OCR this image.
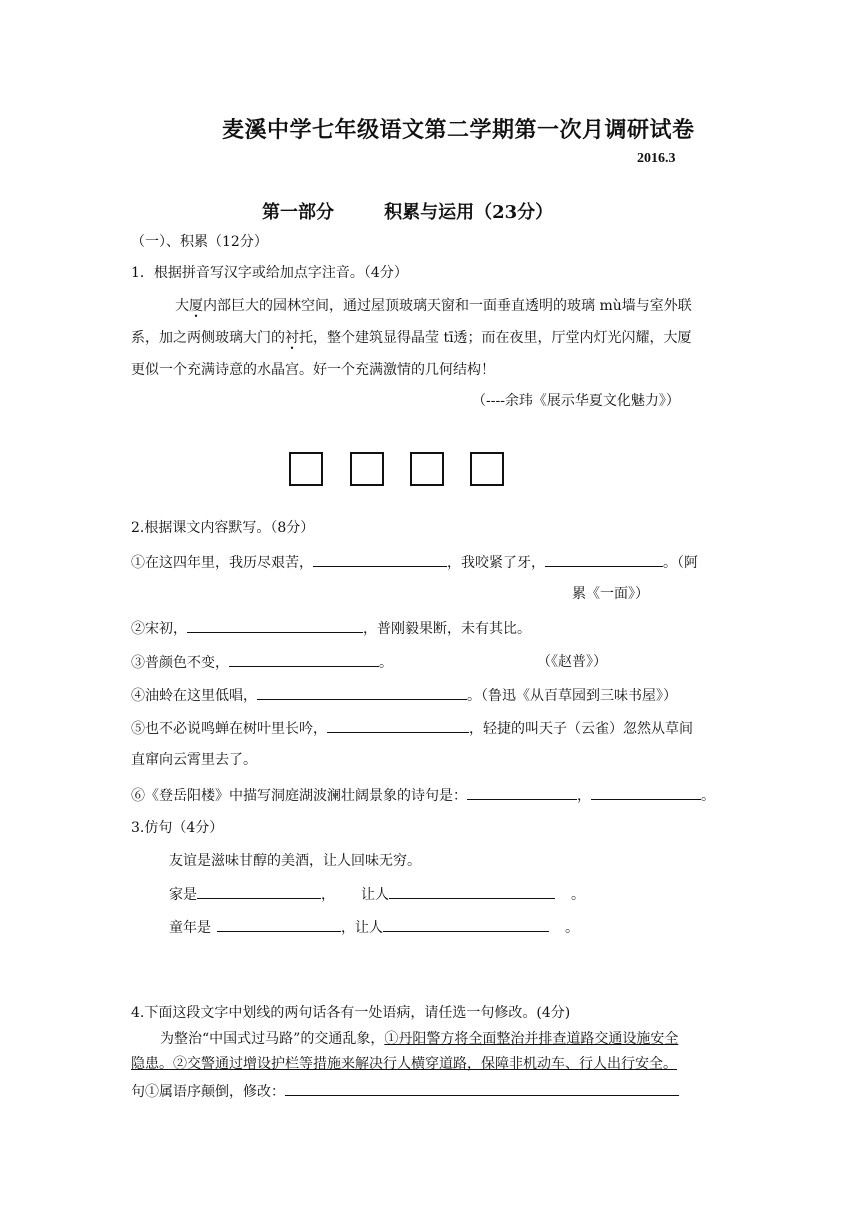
麦溪中学七年级语文第二学期第一次月调研试卷
2016.3
第一部分        积累与运用（23分）
（一）、积累（12分）
1．根据拼音写汉字或给加点字注音。（4分）
大厦内部巨大的园林空间，通过屋顶玻璃天窗和一面垂直透明的玻璃 mù墙与室外联
系，加之两侧玻璃大门的衬托，整个建筑显得晶莹 tī透；而在夜里，厅堂内灯光闪耀，大厦
更似一个充满诗意的水晶宫。好一个充满激情的几何结构！
（----余玮《展示华夏文化魅力》）
2.根据课文内容默写。（8分）
①在这四年里，我历尽艰苦，	，我咬紧了牙，	。（阿
累《一面》）
②宋初，	，普刚毅果断，未有其比。
③普颜色不变，	。	（《赵普》）
④油蛉在这里低唱，	。（鲁迅《从百草园到三味书屋》）
⑤也不必说鸣蝉在树叶里长吟，	，轻捷的叫天子（云雀）忽然从草间
直窜向云霄里去了。
⑥《登岳阳楼》中描写洞庭湖波澜壮阔景象的诗句是：	，	。
3.仿句（4分）
友谊是滋味甘醇的美酒，让人回味无穷。
家是	， 让人	。
童年是	，让人	。
4.下面这段文字中划线的两句话各有一处语病，请任选一句修改。(4分)
为整治“中国式过马路”的交通乱象，①丹阳警方将全面整治并排查道路交通设施安全
隐患。②交警通过增设护栏等措施来解决行人横穿道路，保障非机动车、行人出行安全。
句①属语序颠倒，修改：
